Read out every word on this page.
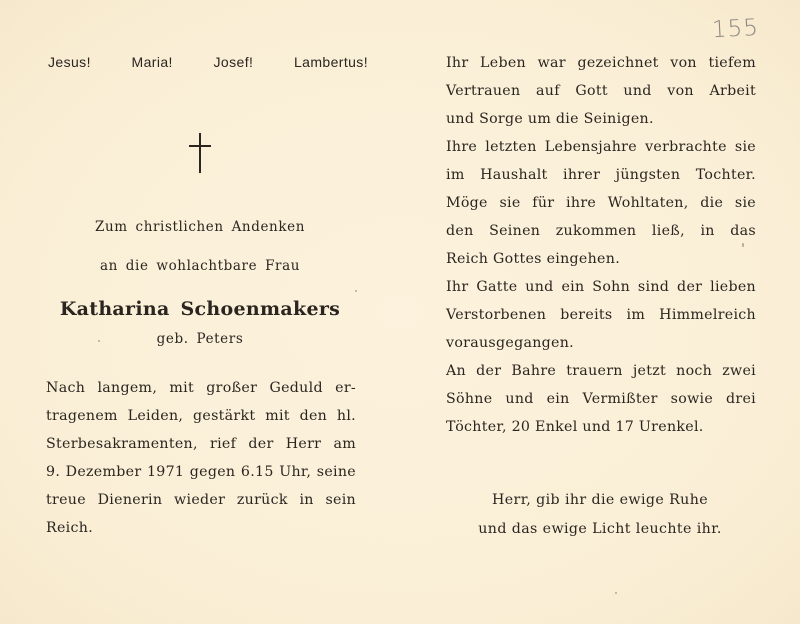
155
Jesus!	Maria!	Josef!	Lambertus!
Zum christlichen Andenken
an die wohlachtbare Frau
Katharina Schoenmakers
geb. Peters
Nach langem, mit großer Geduld er-
tragenem Leiden, gestärkt mit den hl.
Sterbesakramenten, rief der Herr am
9. Dezember 1971 gegen 6.15 Uhr, seine
treue Dienerin wieder zurück in sein
Reich.
Ihr Leben war gezeichnet von tiefem
Vertrauen auf Gott und von Arbeit
und Sorge um die Seinigen.
Ihre letzten Lebensjahre verbrachte sie
im Haushalt ihrer jüngsten Tochter.
Möge sie für ihre Wohltaten, die sie
den Seinen zukommen ließ, in das
Reich Gottes eingehen.
Ihr Gatte und ein Sohn sind der lieben
Verstorbenen bereits im Himmelreich
vorausgegangen.
An der Bahre trauern jetzt noch zwei
Söhne und ein Vermißter sowie drei
Töchter, 20 Enkel und 17 Urenkel.
Herr, gib ihr die ewige Ruhe
und das ewige Licht leuchte ihr.
